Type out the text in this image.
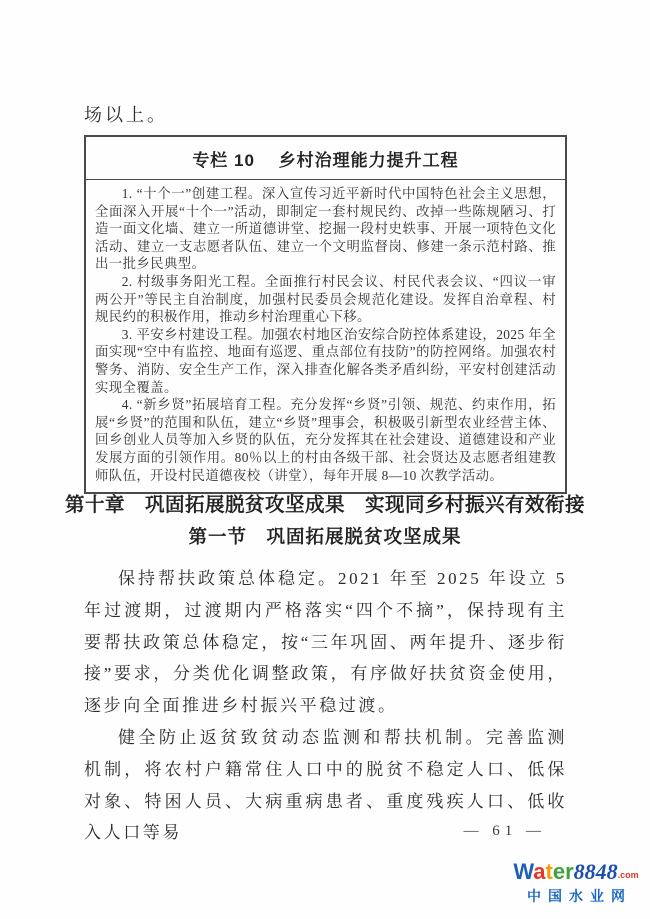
场以上。

专栏 10　 乡村治理能力提升工程

1. “十个一”创建工程。深入宣传习近平新时代中国特色社会主义思想，全面深入开展“十个一”活动，即制定一套村规民约、改掉一些陈规陋习、打造一面文化墙、建立一所道德讲堂、挖掘一段村史轶事、开展一项特色文化活动、建立一支志愿者队伍、建立一个文明监督岗、修建一条示范村路、推出一批乡民典型。

2. 村级事务阳光工程。全面推行村民会议、村民代表会议、“四议一审两公开”等民主自治制度，加强村民委员会规范化建设。发挥自治章程、村规民约的积极作用，推动乡村治理重心下移。

3. 平安乡村建设工程。加强农村地区治安综合防控体系建设，2025 年全面实现“空中有监控、地面有巡逻、重点部位有技防”的防控网络。加强农村警务、消防、安全生产工作，深入排查化解各类矛盾纠纷，平安村创建活动实现全覆盖。

4. “新乡贤”拓展培育工程。充分发挥“乡贤”引领、规范、约束作用，拓展“乡贤”的范围和队伍，建立“乡贤”理事会，积极吸引新型农业经营主体、回乡创业人员等加入乡贤的队伍，充分发挥其在社会建设、道德建设和产业发展方面的引领作用。80％以上的村由各级干部、社会贤达及志愿者组建教师队伍，开设村民道德夜校（讲堂），每年开展 8—10 次教学活动。

第十章　巩固拓展脱贫攻坚成果　实现同乡村振兴有效衔接
第一节　巩固拓展脱贫攻坚成果

保持帮扶政策总体稳定。2021 年至 2025 年设立 5 年过渡期，过渡期内严格落实“四个不摘”，保持现有主要帮扶政策总体稳定，按“三年巩固、两年提升、逐步衔接”要求，分类优化调整政策，有序做好扶贫资金使用，逐步向全面推进乡村振兴平稳过渡。

健全防止返贫致贫动态监测和帮扶机制。完善监测机制，将农村户籍常住人口中的脱贫不稳定人口、低保对象、特困人员、大病重病患者、重度残疾人口、低收入人口等易	— 61 —
Water8848.com
中国水业网
